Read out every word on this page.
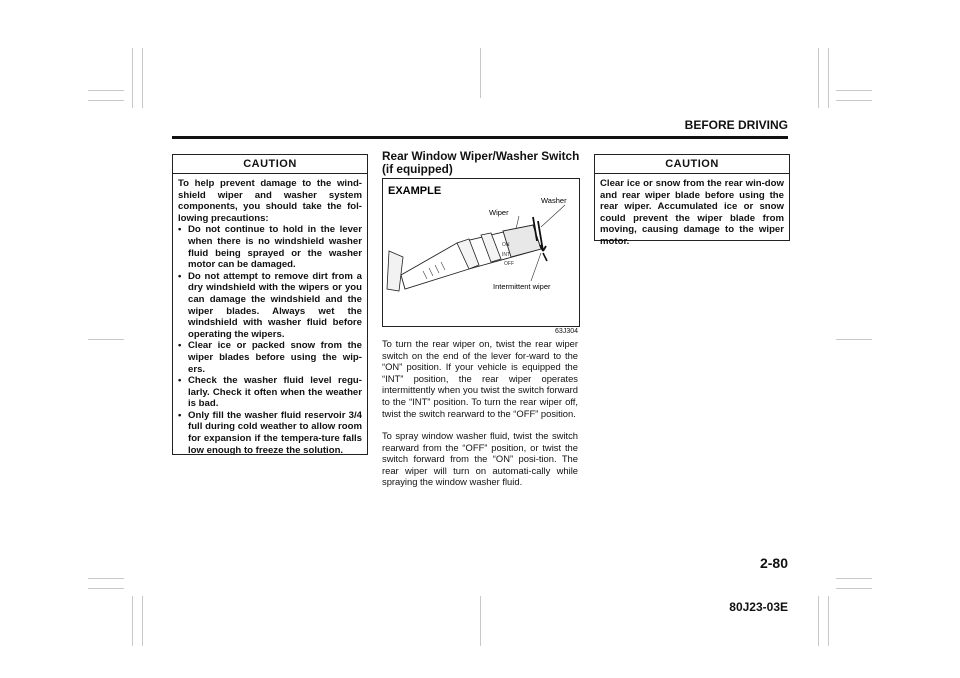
BEFORE DRIVING
CAUTION
To help prevent damage to the wind-shield wiper and washer system components, you should take the fol-lowing precautions:
• Do not continue to hold in the lever when there is no windshield washer fluid being sprayed or the washer motor can be damaged.
• Do not attempt to remove dirt from a dry windshield with the wipers or you can damage the windshield and the wiper blades. Always wet the windshield with washer fluid before operating the wipers.
• Clear ice or packed snow from the wiper blades before using the wip-ers.
• Check the washer fluid level regu-larly. Check it often when the weather is bad.
• Only fill the washer fluid reservoir 3/4 full during cold weather to allow room for expansion if the tempera-ture falls low enough to freeze the solution.
Rear Window Wiper/Washer Switch (if equipped)
EXAMPLE
ON
INT
OFF
Wiper
Washer
Intermittent wiper
63J304
To turn the rear wiper on, twist the rear wiper switch on the end of the lever for-ward to the “ON” position. If your vehicle is equipped the “INT” position, the rear wiper operates intermittently when you twist the switch forward to the “INT” position. To turn the rear wiper off, twist the switch rearward to the “OFF” position.
To spray window washer fluid, twist the switch rearward from the “OFF” position, or twist the switch forward from the “ON” posi-tion. The rear wiper will turn on automati-cally while spraying the window washer fluid.
CAUTION
Clear ice or snow from the rear win-dow and rear wiper blade before using the rear wiper. Accumulated ice or snow could prevent the wiper blade from moving, causing damage to the wiper motor.
2-80
80J23-03E
